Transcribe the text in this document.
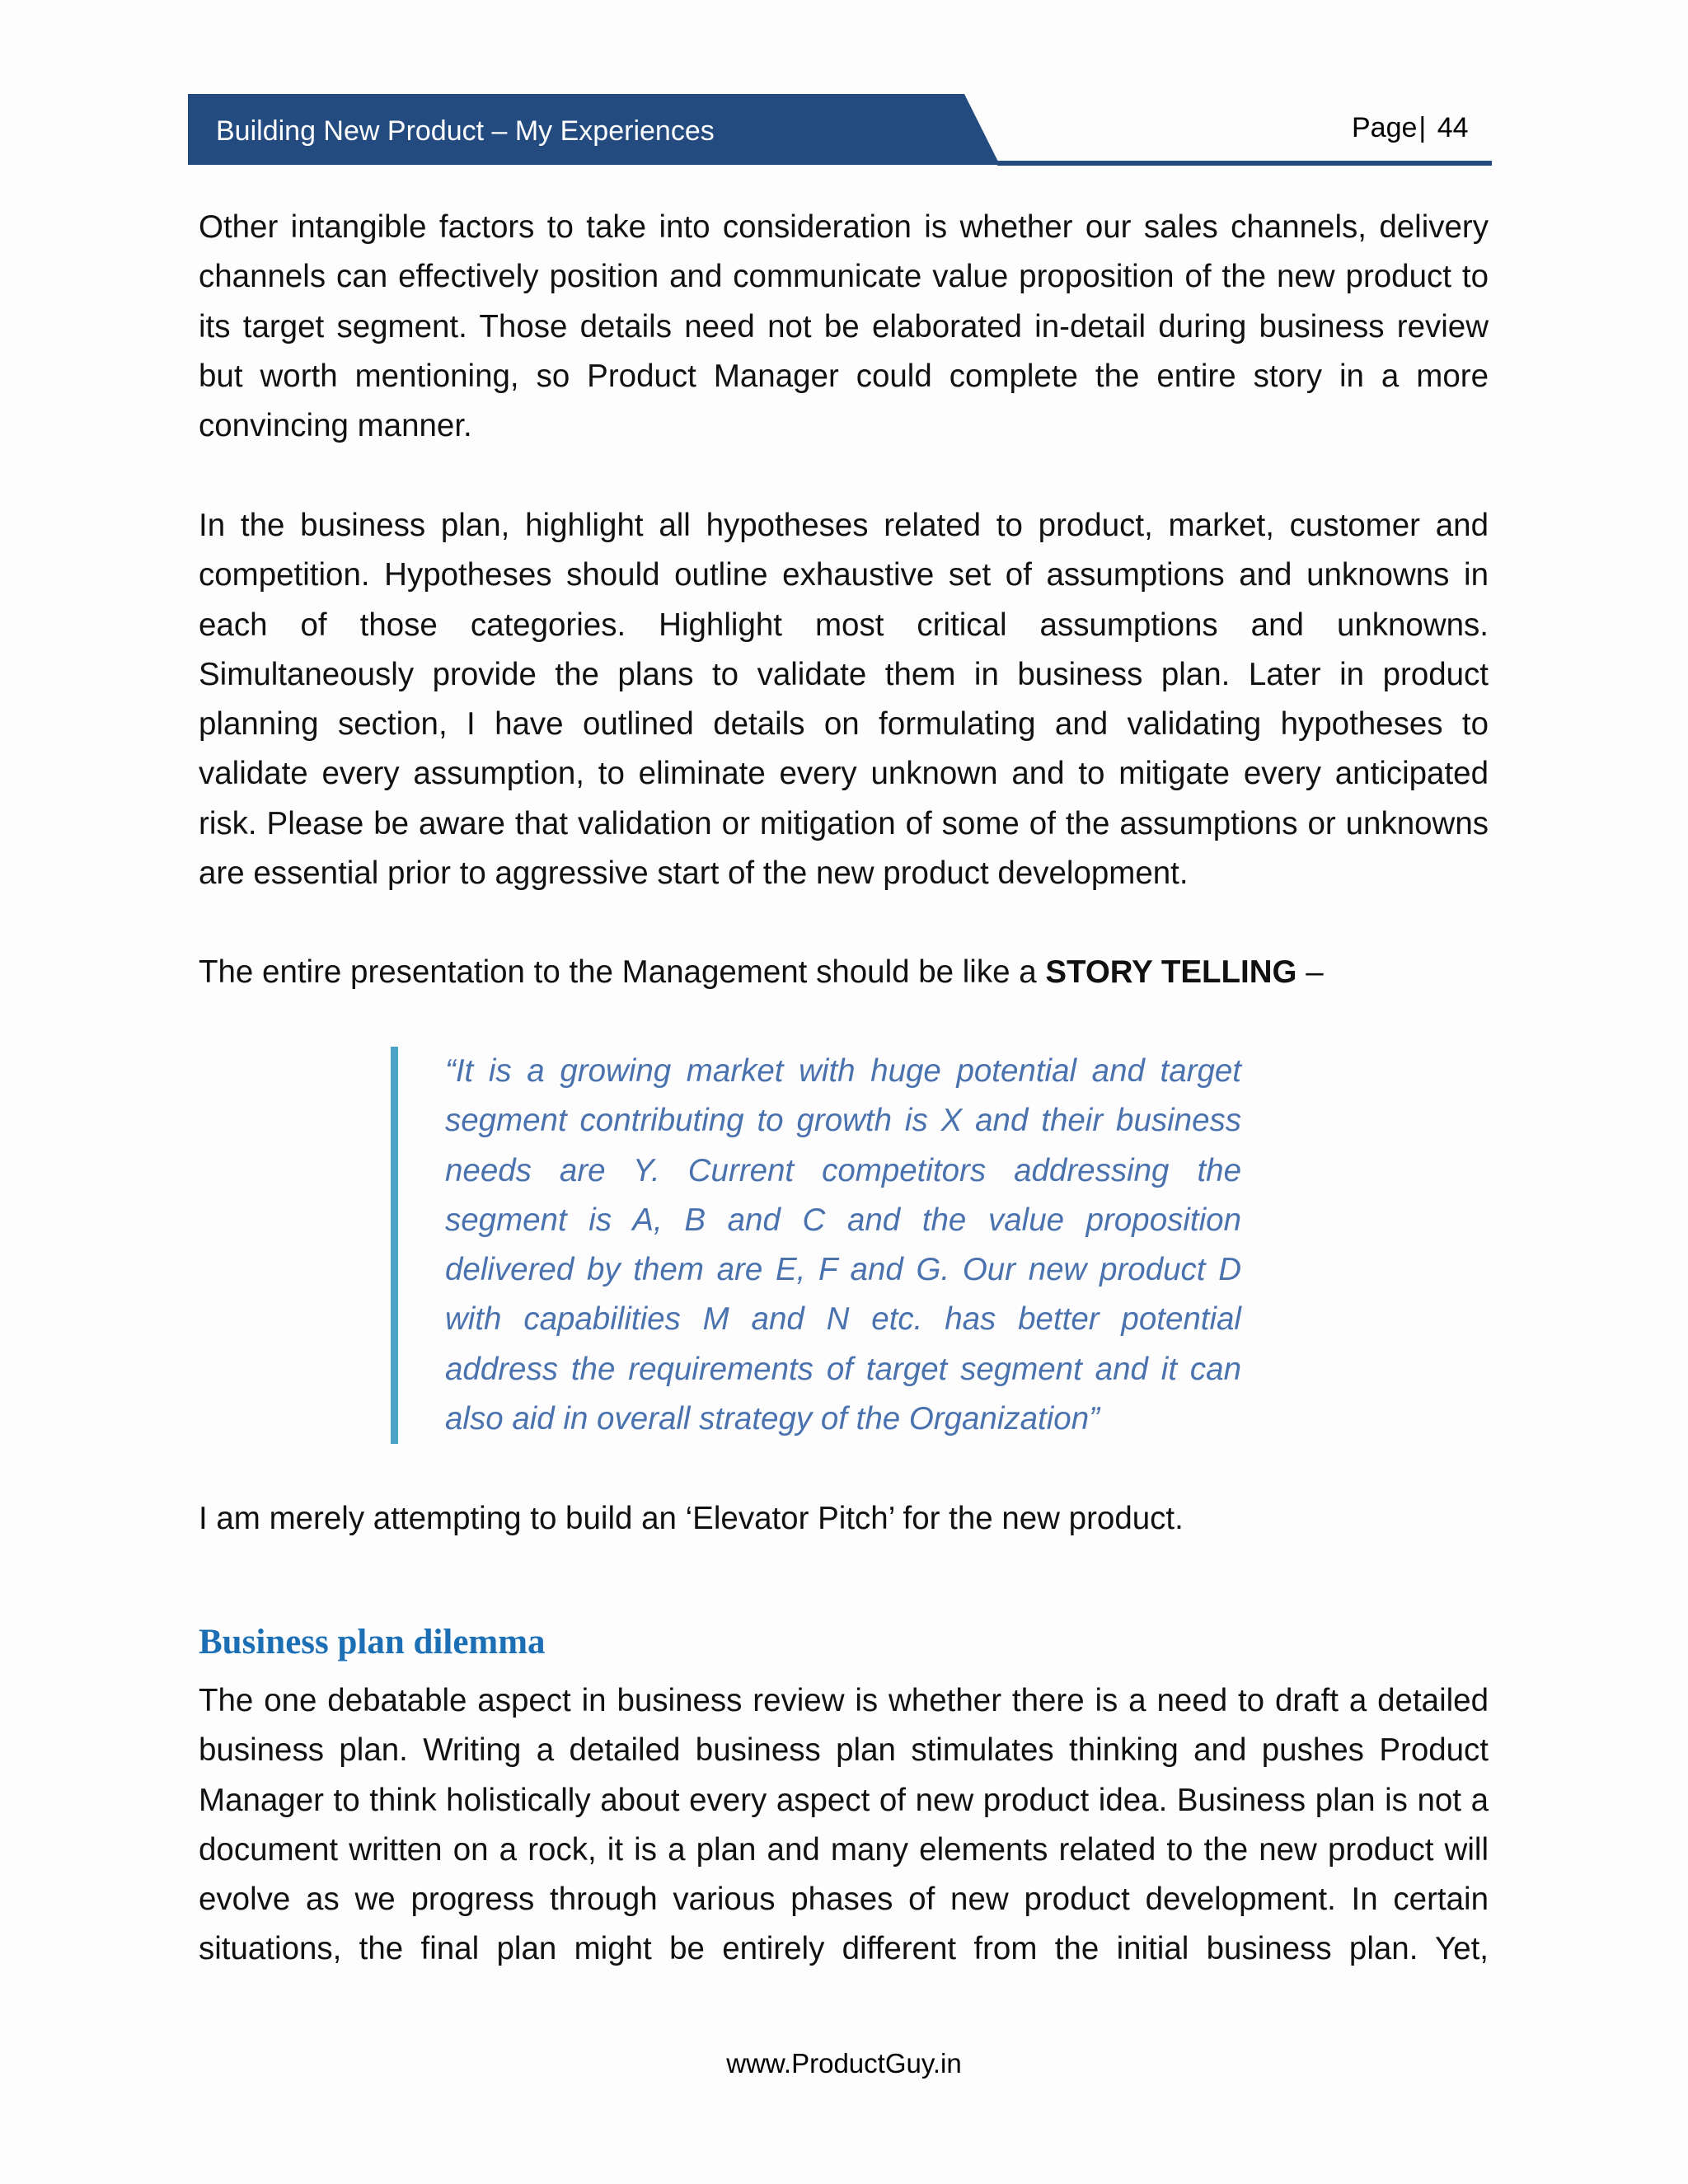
Building New Product – My Experiences	Page| 44

Other intangible factors to take into consideration is whether our sales channels, delivery channels can effectively position and communicate value proposition of the new product to its target segment. Those details need not be elaborated in-detail during business review but worth mentioning, so Product Manager could complete the entire story in a more convincing manner.

In the business plan, highlight all hypotheses related to product, market, customer and competition. Hypotheses should outline exhaustive set of assumptions and unknowns in each of those categories. Highlight most critical assumptions and unknowns. Simultaneously provide the plans to validate them in business plan. Later in product planning section, I have outlined details on formulating and validating hypotheses to validate every assumption, to eliminate every unknown and to mitigate every anticipated risk. Please be aware that validation or mitigation of some of the assumptions or unknowns are essential prior to aggressive start of the new product development.

The entire presentation to the Management should be like a STORY TELLING –

“It is a growing market with huge potential and target segment contributing to growth is X and their business needs are Y. Current competitors addressing the segment is A, B and C and the value proposition delivered by them are E, F and G. Our new product D with capabilities M and N etc. has better potential address the requirements of target segment and it can also aid in overall strategy of the Organization”

I am merely attempting to build an ‘Elevator Pitch’ for the new product.

Business plan dilemma

The one debatable aspect in business review is whether there is a need to draft a detailed business plan. Writing a detailed business plan stimulates thinking and pushes Product Manager to think holistically about every aspect of new product idea. Business plan is not a document written on a rock, it is a plan and many elements related to the new product will evolve as we progress through various phases of new product development. In certain situations, the final plan might be entirely different from the initial business plan. Yet,

www.ProductGuy.in
